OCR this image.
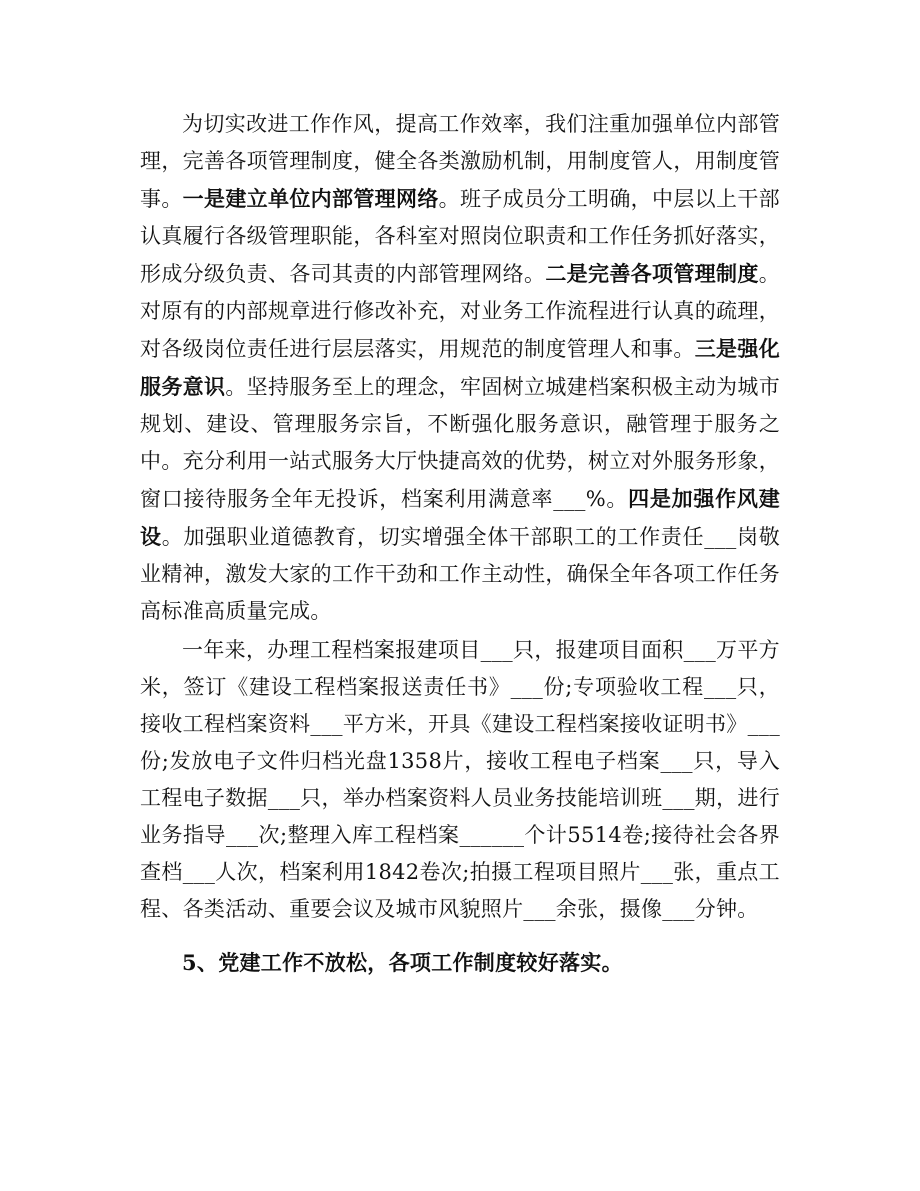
为切实改进工作作风，提高工作效率，我们注重加强单位内部管理，完善各项管理制度，健全各类激励机制，用制度管人，用制度管事。一是建立单位内部管理网络。班子成员分工明确，中层以上干部认真履行各级管理职能，各科室对照岗位职责和工作任务抓好落实，形成分级负责、各司其责的内部管理网络。二是完善各项管理制度。对原有的内部规章进行修改补充，对业务工作流程进行认真的疏理，对各级岗位责任进行层层落实，用规范的制度管理人和事。三是强化服务意识。坚持服务至上的理念，牢固树立城建档案积极主动为城市规划、建设、管理服务宗旨，不断强化服务意识，融管理于服务之中。充分利用一站式服务大厅快捷高效的优势，树立对外服务形象，窗口接待服务全年无投诉，档案利用满意率___%。四是加强作风建设。加强职业道德教育，切实增强全体干部职工的工作责任___岗敬业精神，激发大家的工作干劲和工作主动性，确保全年各项工作任务高标准高质量完成。

一年来，办理工程档案报建项目___只，报建项目面积___万平方米，签订《建设工程档案报送责任书》___份;专项验收工程___只，接收工程档案资料___平方米，开具《建设工程档案接收证明书》___份;发放电子文件归档光盘1358片，接收工程电子档案___只，导入工程电子数据___只，举办档案资料人员业务技能培训班___期，进行业务指导___次;整理入库工程档案______个计5514卷;接待社会各界查档___人次，档案利用1842卷次;拍摄工程项目照片___张，重点工程、各类活动、重要会议及城市风貌照片___余张，摄像___分钟。

5、党建工作不放松，各项工作制度较好落实。
